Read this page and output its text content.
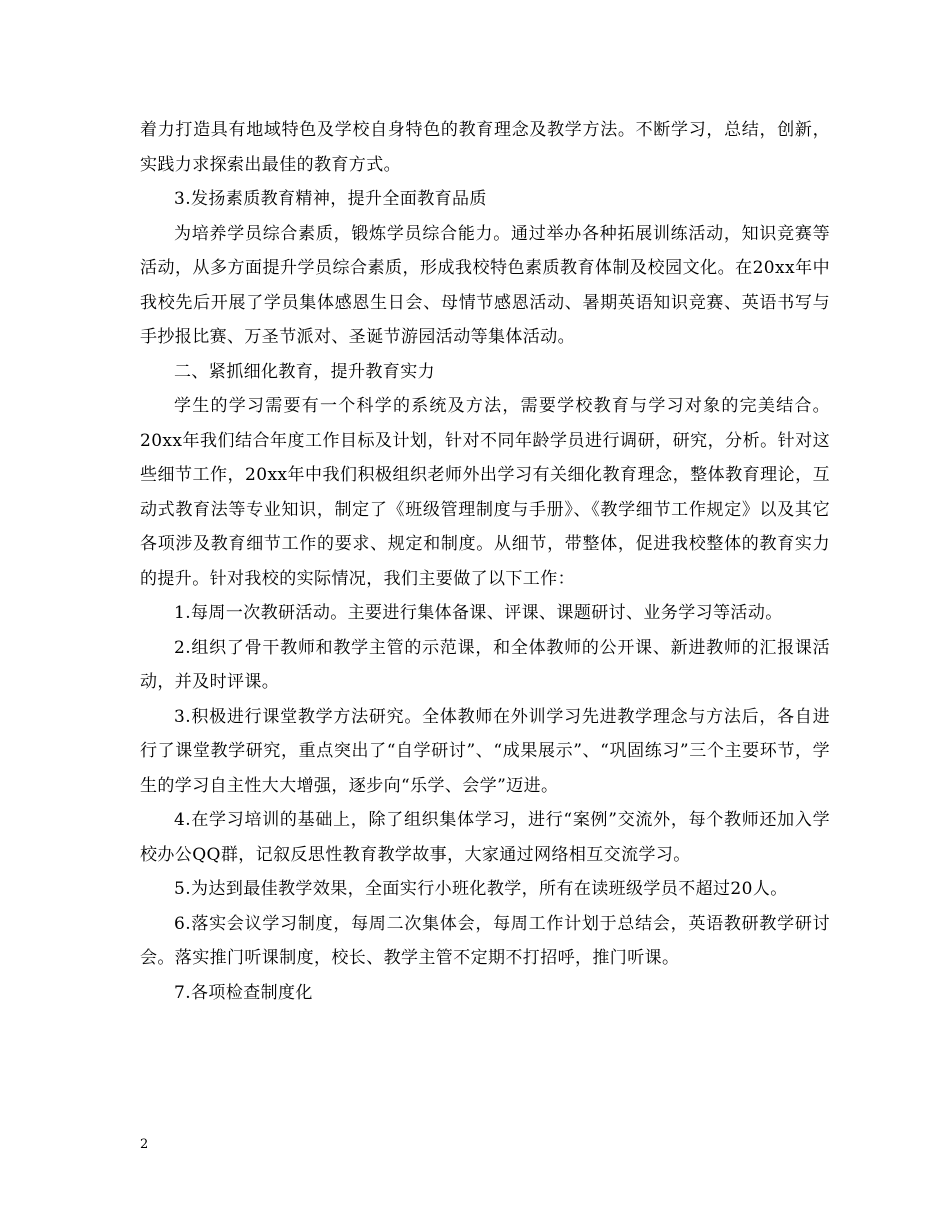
着力打造具有地域特色及学校自身特色的教育理念及教学方法。不断学习，总结，创新，实践力求探索出最佳的教育方式。

3.发扬素质教育精神，提升全面教育品质

为培养学员综合素质，锻炼学员综合能力。通过举办各种拓展训练活动，知识竞赛等活动，从多方面提升学员综合素质，形成我校特色素质教育体制及校园文化。在20xx年中我校先后开展了学员集体感恩生日会、母情节感恩活动、暑期英语知识竞赛、英语书写与手抄报比赛、万圣节派对、圣诞节游园活动等集体活动。

二、紧抓细化教育，提升教育实力

学生的学习需要有一个科学的系统及方法，需要学校教育与学习对象的完美结合。20xx年我们结合年度工作目标及计划，针对不同年龄学员进行调研，研究，分析。针对这些细节工作，20xx年中我们积极组织老师外出学习有关细化教育理念，整体教育理论，互动式教育法等专业知识，制定了《班级管理制度与手册》、《教学细节工作规定》以及其它各项涉及教育细节工作的要求、规定和制度。从细节，带整体，促进我校整体的教育实力的提升。针对我校的实际情况，我们主要做了以下工作：

1.每周一次教研活动。主要进行集体备课、评课、课题研讨、业务学习等活动。

2.组织了骨干教师和教学主管的示范课，和全体教师的公开课、新进教师的汇报课活动，并及时评课。

3.积极进行课堂教学方法研究。全体教师在外训学习先进教学理念与方法后，各自进行了课堂教学研究，重点突出了“自学研讨”、“成果展示”、“巩固练习”三个主要环节，学生的学习自主性大大增强，逐步向“乐学、会学”迈进。

4.在学习培训的基础上，除了组织集体学习，进行“案例”交流外，每个教师还加入学校办公QQ群，记叙反思性教育教学故事，大家通过网络相互交流学习。

5.为达到最佳教学效果，全面实行小班化教学，所有在读班级学员不超过20人。

6.落实会议学习制度，每周二次集体会，每周工作计划于总结会，英语教研教学研讨会。落实推门听课制度，校长、教学主管不定期不打招呼，推门听课。

7.各项检查制度化

2
